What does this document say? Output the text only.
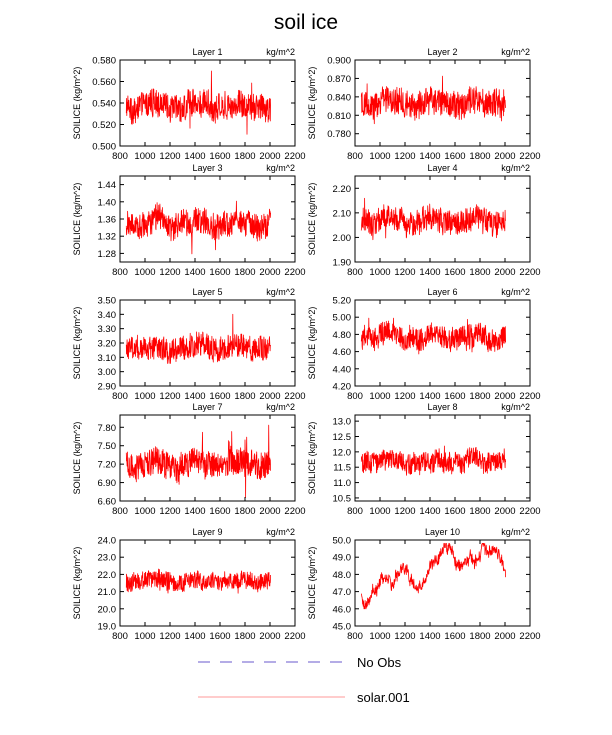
soil ice
Layer 1	kg/m^2
SOILICE (kg/m^2)
800 1000 1200 1400 1600 1800 2000 2200
0.500
0.520
0.540
0.560
0.580
Layer 2	kg/m^2
SOILICE (kg/m^2)
800 1000 1200 1400 1600 1800 2000 2200
0.780
0.810
0.840
0.870
0.900
Layer 3	kg/m^2
SOILICE (kg/m^2)
800 1000 1200 1400 1600 1800 2000 2200
1.28
1.32
1.36
1.40
1.44
Layer 4	kg/m^2
SOILICE (kg/m^2)
800 1000 1200 1400 1600 1800 2000 2200
1.90
2.00
2.10
2.20
Layer 5	kg/m^2
SOILICE (kg/m^2)
800 1000 1200 1400 1600 1800 2000 2200
2.90
3.00
3.10
3.20
3.30
3.40
3.50
Layer 6	kg/m^2
SOILICE (kg/m^2)
800 1000 1200 1400 1600 1800 2000 2200
4.20
4.40
4.60
4.80
5.00
5.20
Layer 7	kg/m^2
SOILICE (kg/m^2)
800 1000 1200 1400 1600 1800 2000 2200
6.60
6.90
7.20
7.50
7.80
Layer 8	kg/m^2
SOILICE (kg/m^2)
800 1000 1200 1400 1600 1800 2000 2200
10.5
11.0
11.5
12.0
12.5
13.0
Layer 9	kg/m^2
SOILICE (kg/m^2)
800 1000 1200 1400 1600 1800 2000 2200
19.0
20.0
21.0
22.0
23.0
24.0
Layer 10	kg/m^2
SOILICE (kg/m^2)
800 1000 1200 1400 1600 1800 2000 2200
45.0
46.0
47.0
48.0
49.0
50.0
No Obs
solar.001
